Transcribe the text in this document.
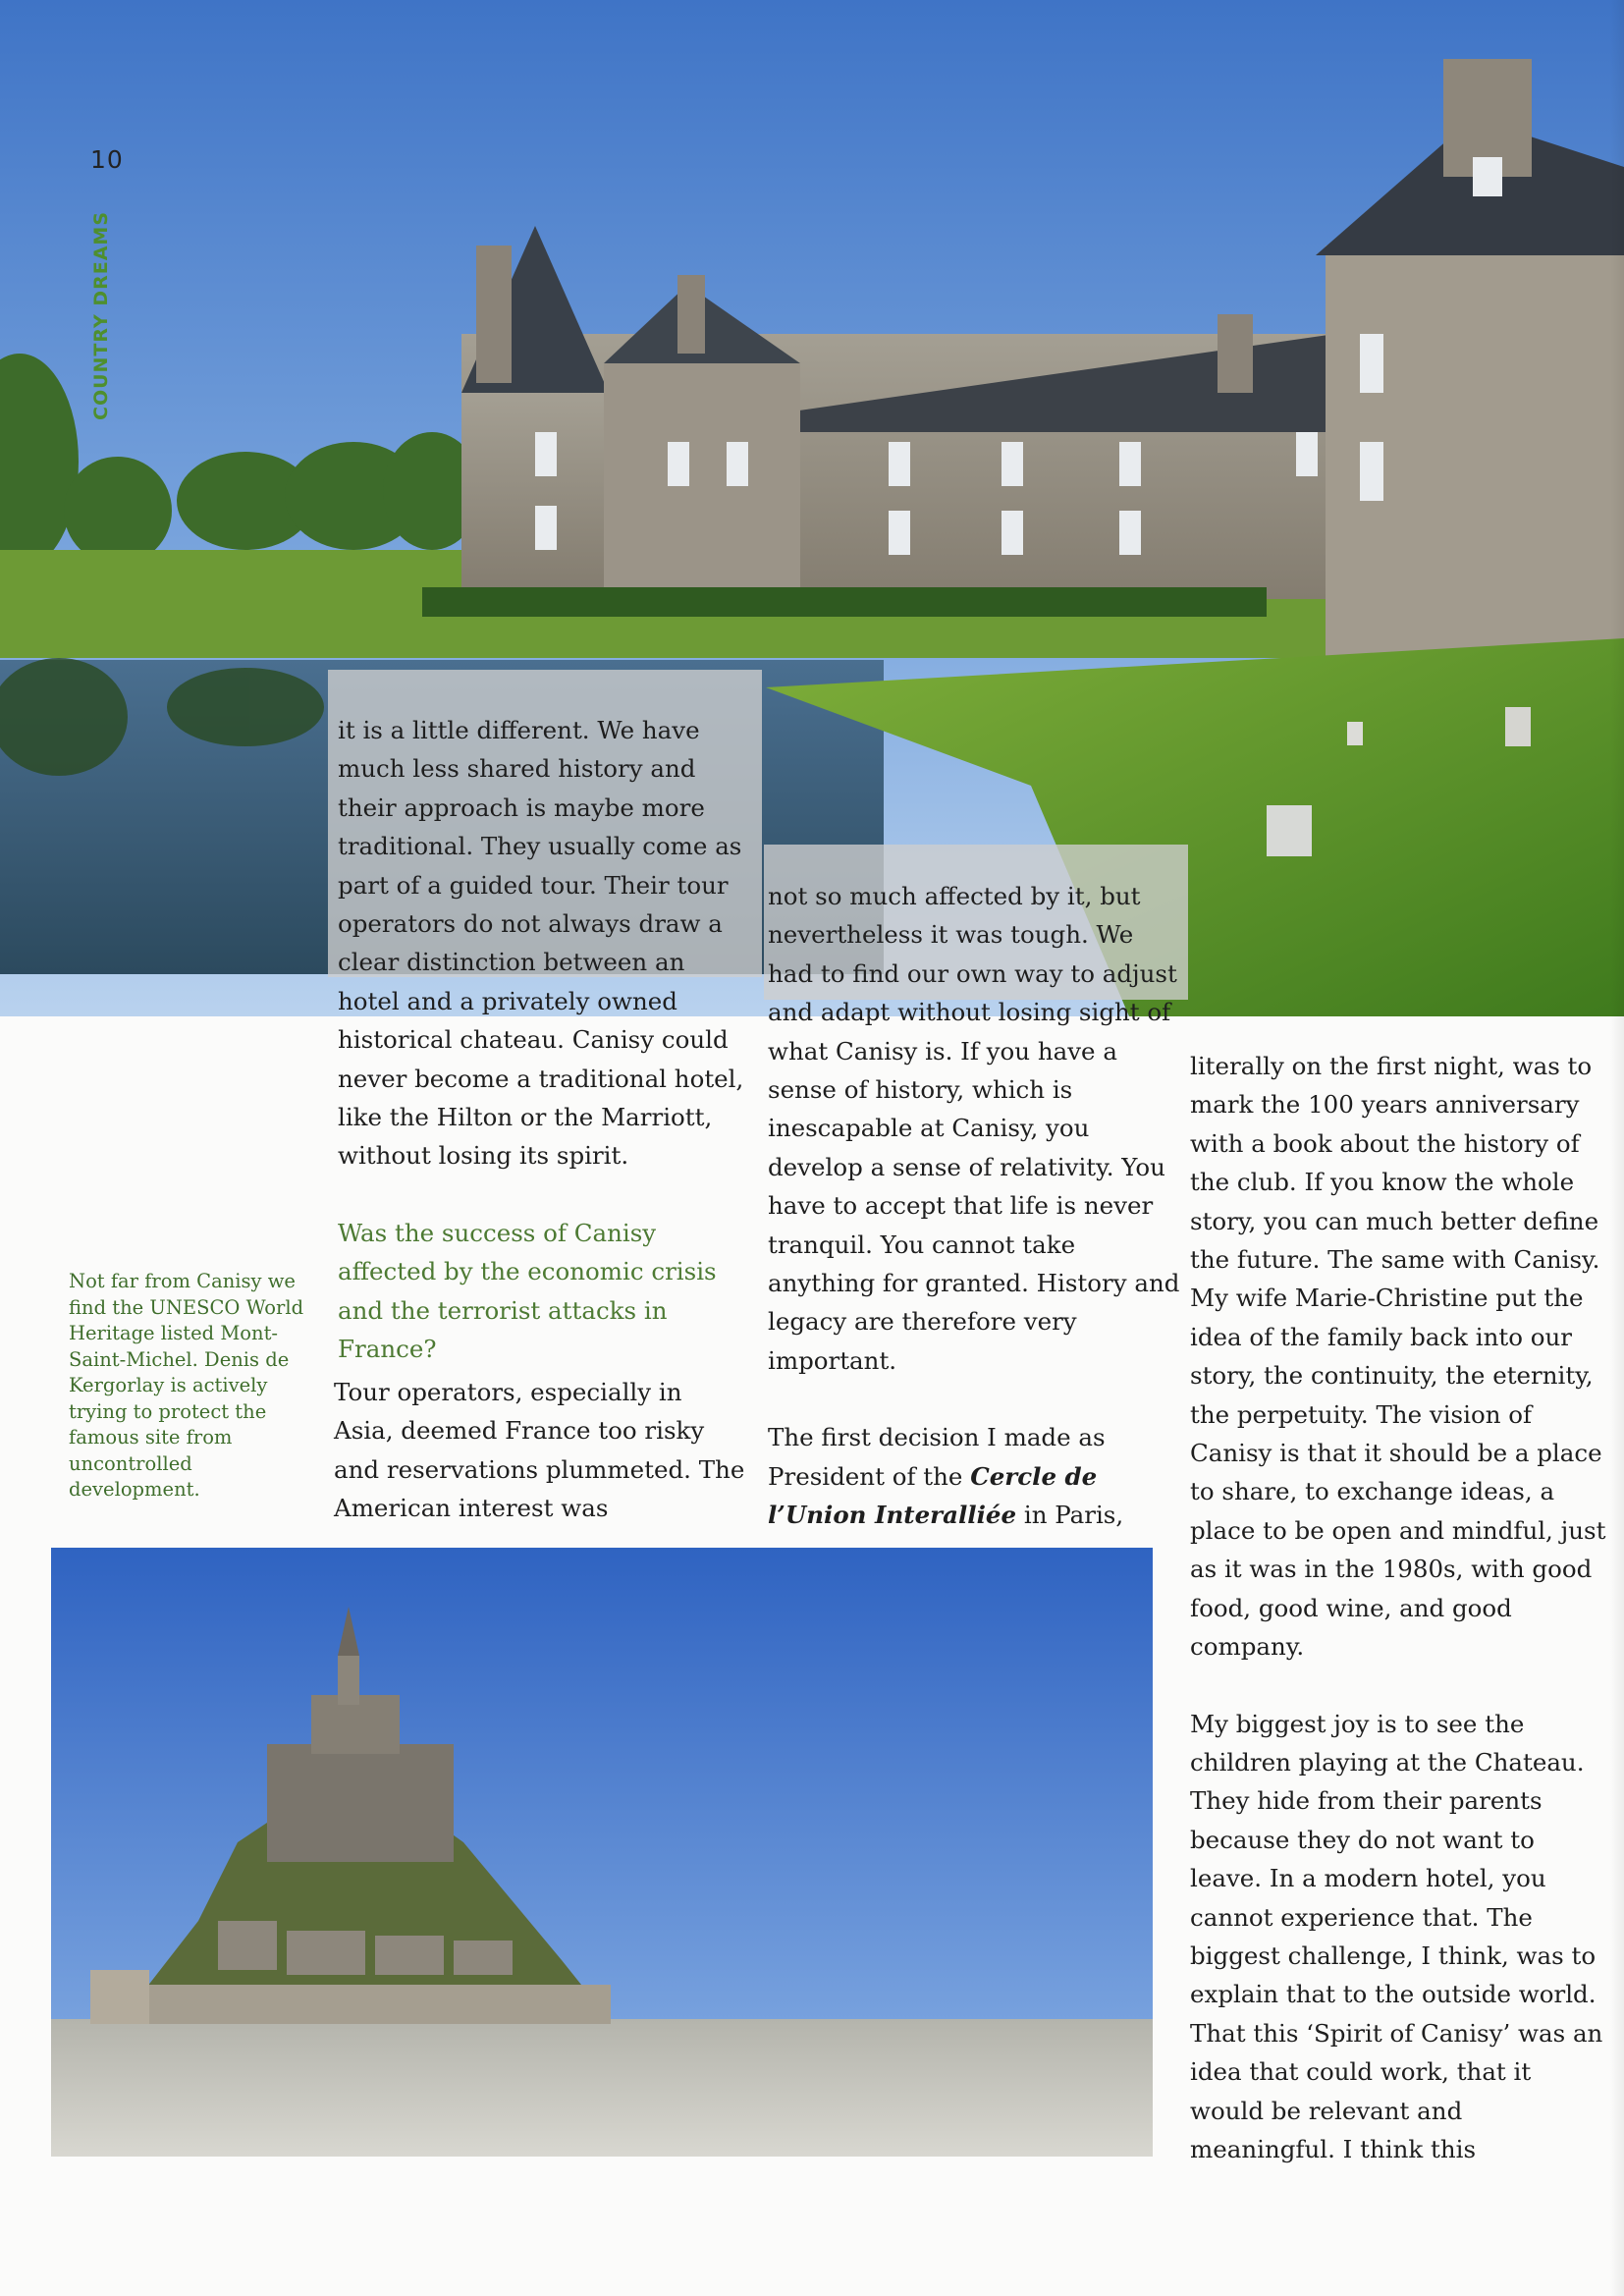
10
COUNTRY DREAMS

it is a little different. We have much less shared history and their approach is maybe more traditional. They usually come as part of a guided tour. Their tour operators do not always draw a clear distinction between an hotel and a privately owned historical chateau. Canisy could never become a traditional hotel, like the Hilton or the Marriott, without losing its spirit.

Was the success of Canisy affected by the economic crisis and the terrorist attacks in France?

Tour operators, especially in Asia, deemed France too risky and reservations plummeted. The American interest was

not so much affected by it, but nevertheless it was tough. We had to find our own way to adjust and adapt without losing sight of what Canisy is. If you have a sense of history, which is inescapable at Canisy, you develop a sense of relativity. You have to accept that life is never tranquil. You cannot take anything for granted. History and legacy are therefore very important.

The first decision I made as President of the Cercle de l’Union Interalliée in Paris,

literally on the first night, was to mark the 100 years anniversary with a book about the history of the club. If you know the whole story, you can much better define the future. The same with Canisy. My wife Marie-Christine put the idea of the family back into our story, the continuity, the eternity, the perpetuity. The vision of Canisy is that it should be a place to share, to exchange ideas, a place to be open and mindful, just as it was in the 1980s, with good food, good wine, and good company.

My biggest joy is to see the children playing at the Chateau. They hide from their parents because they do not want to leave. In a modern hotel, you cannot experience that. The biggest challenge, I think, was to explain that to the outside world. That this ‘Spirit of Canisy’ was an idea that could work, that it would be relevant and meaningful. I think this

Not far from Canisy we find the UNESCO World Heritage listed Mont-Saint-Michel. Denis de Kergorlay is actively trying to protect the famous site from uncontrolled development.
